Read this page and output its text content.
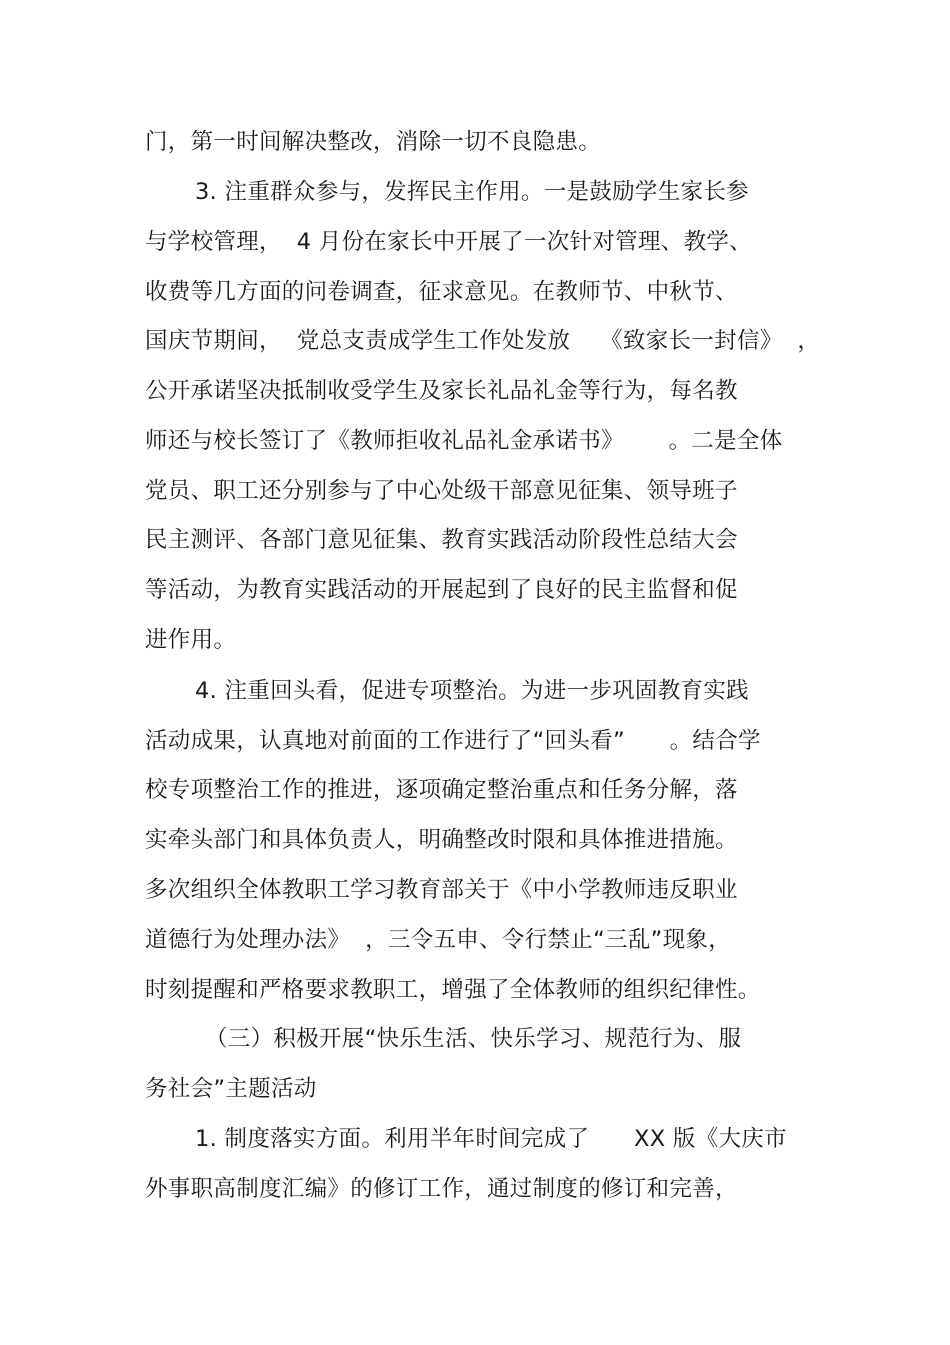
门，第一时间解决整改，消除一切不良隐患。
3. 注重群众参与，发挥民主作用。一是鼓励学生家长参
与学校管理，  4 月份在家长中开展了一次针对管理、教学、
收费等几方面的问卷调查，征求意见。在教师节、中秋节、
国庆节期间，  党总支责成学生工作处发放    《致家长一封信》  ，
公开承诺坚决抵制收受学生及家长礼品礼金等行为，每名教
师还与校长签订了《教师拒收礼品礼金承诺书》      。二是全体
党员、职工还分别参与了中心处级干部意见征集、领导班子
民主测评、各部门意见征集、教育实践活动阶段性总结大会
等活动，为教育实践活动的开展起到了良好的民主监督和促
进作用。
4. 注重回头看，促进专项整治。为进一步巩固教育实践
活动成果，认真地对前面的工作进行了“回头看”      。结合学
校专项整治工作的推进，逐项确定整治重点和任务分解，落
实牵头部门和具体负责人，明确整改时限和具体推进措施。
多次组织全体教职工学习教育部关于《中小学教师违反职业
道德行为处理办法》  ，三令五申、令行禁止“三乱”现象，
时刻提醒和严格要求教职工，增强了全体教师的组织纪律性。
（三）积极开展“快乐生活、快乐学习、规范行为、服
务社会”主题活动
1. 制度落实方面。利用半年时间完成了      XX 版《大庆市
外事职高制度汇编》的修订工作，通过制度的修订和完善，
